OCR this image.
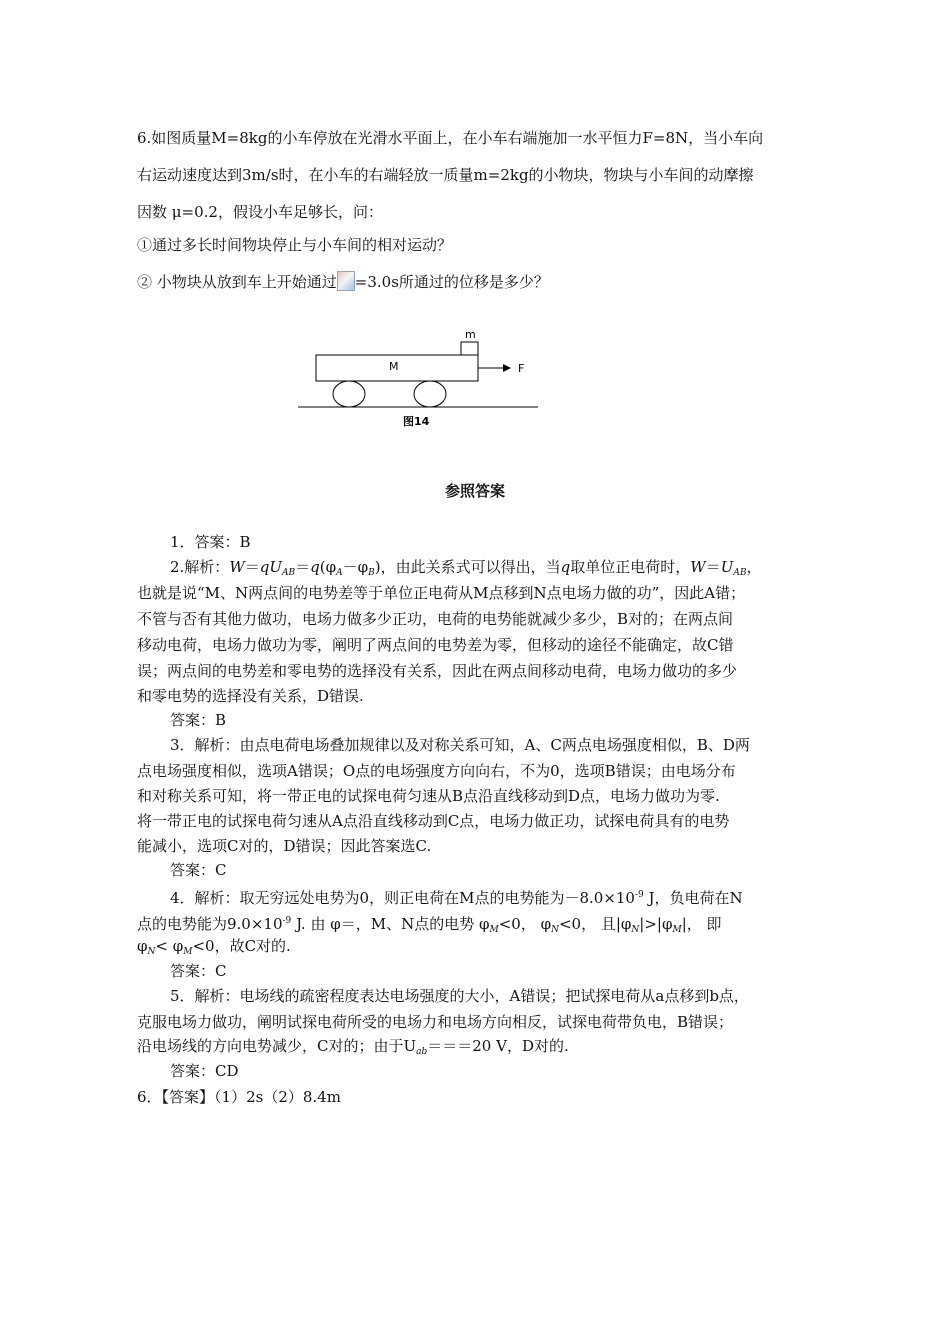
6.如图质量M=8kg的小车停放在光滑水平面上，在小车右端施加一水平恒力F=8N，当小车向
右运动速度达到3m/s时，在小车的右端轻放一质量m=2kg的小物块，物块与小车间的动摩擦
因数 μ=0.2，假设小车足够长，问：
①通过多长时间物块停止与小车间的相对运动？
② 小物块从放到车上开始通过 =3.0s所通过的位移是多少？
m
M	F
图14
参照答案
1．答案：B
2.解析：$W=qU_{AB}=q(\varphi_A-\varphi_B)$，由此关系式可以得出，当q取单位正电荷时，$W=U_{AB}$，
也就是说“M、N两点间的电势差等于单位正电荷从M点移到N点电场力做的功”，因此A错；
不管与否有其他力做功，电场力做多少正功，电荷的电势能就减少多少，B对的；在两点间
移动电荷，电场力做功为零，阐明了两点间的电势差为零，但移动的途径不能确定，故C错
误；两点间的电势差和零电势的选择没有关系，因此在两点间移动电荷，电场力做功的多少
和零电势的选择没有关系，D错误.
答案：B
3．解析：由点电荷电场叠加规律以及对称关系可知，A、C两点电场强度相似，B、D两
点电场强度相似，选项A错误；O点的电场强度方向向右，不为0，选项B错误；由电场分布
和对称关系可知，将一带正电的试探电荷匀速从B点沿直线移动到D点，电场力做功为零.
将一带正电的试探电荷匀速从A点沿直线移动到C点，电场力做正功，试探电荷具有的电势
能减小，选项C对的，D错误；因此答案选C.
答案：C
4．解析：取无穷远处电势为0，则正电荷在M点的电势能为$-8.0\times 10^{-9}$ J，负电荷在N
点的电势能为$9.0\times 10^{-9}$ J. 由 φ＝，M、N点的电势 $\varphi_M<0$， $\varphi_N<0$， 且$|\varphi_N|>|\varphi_M|$， 即
$\varphi_N< \varphi_M<0$，故C对的.
答案：C
5．解析：电场线的疏密程度表达电场强度的大小，A错误；把试探电荷从a点移到b点，
克服电场力做功，阐明试探电荷所受的电场力和电场方向相反，试探电荷带负电，B错误；
沿电场线的方向电势减少，C对的；由于$U_{ab}===20$ V，D对的.
答案：CD
6．【答案】（1）2s（2）8.4m
